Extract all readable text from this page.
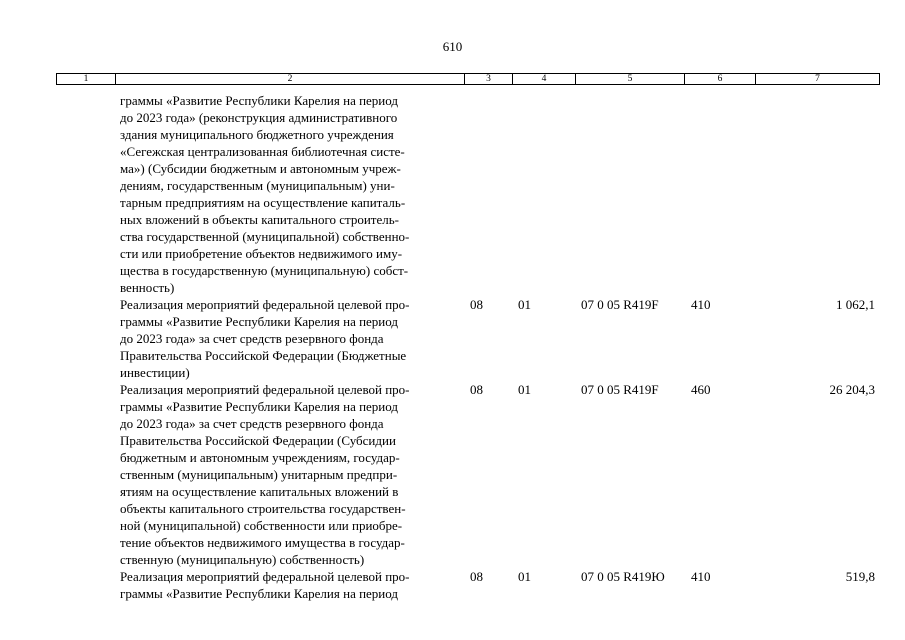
610
1	2	3	4	5	6	7
граммы «Развитие Республики Карелия на период
до 2023 года» (реконструкция административного
здания муниципального бюджетного учреждения
«Сегежская централизованная библиотечная систе-
ма») (Субсидии бюджетным и автономным учреж-
дениям, государственным (муниципальным) уни-
тарным предприятиям на осуществление капиталь-
ных вложений в объекты капитального строитель-
ства государственной (муниципальной) собственно-
сти или приобретение объектов недвижимого иму-
щества в государственную (муниципальную) собст-
венность)
Реализация мероприятий федеральной целевой про-
граммы «Развитие Республики Карелия на период
до 2023 года» за счет средств резервного фонда
Правительства Российской Федерации (Бюджетные
инвестиции)
08	01	07 0 05 R419F 410	1 062,1
Реализация мероприятий федеральной целевой про-
граммы «Развитие Республики Карелия на период
до 2023 года» за счет средств резервного фонда
Правительства Российской Федерации (Субсидии
бюджетным и автономным учреждениям, государ-
ственным (муниципальным) унитарным предпри-
ятиям на осуществление капитальных вложений в
объекты капитального строительства государствен-
ной (муниципальной) собственности или приобре-
тение объектов недвижимого имущества в государ-
ственную (муниципальную) собственность)
08	01	07 0 05 R419F 460	26 204,3
Реализация мероприятий федеральной целевой про-
граммы «Развитие Республики Карелия на период
08	01	07 0 05 R419Ю 410	519,8
